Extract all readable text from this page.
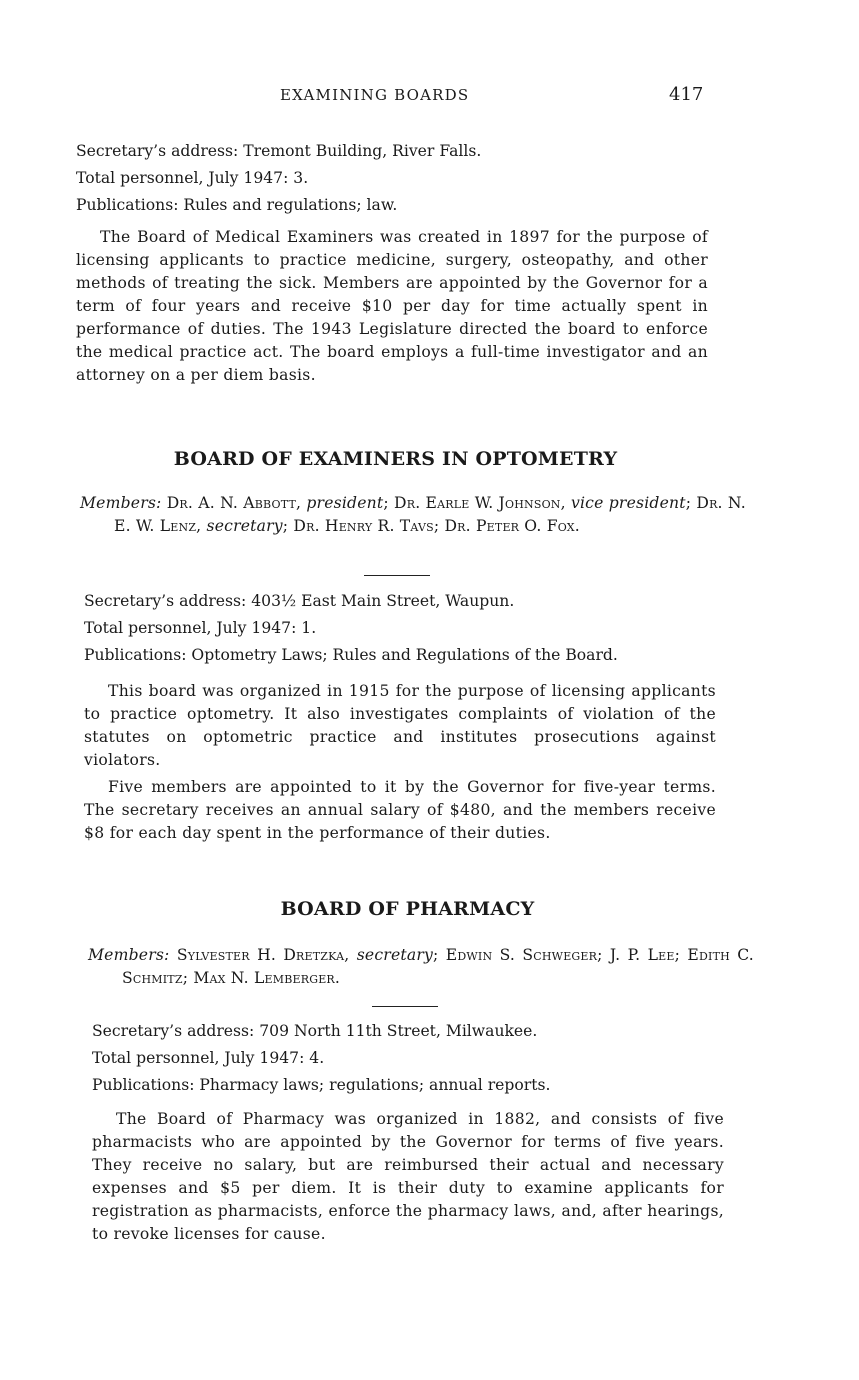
EXAMINING BOARDS	417

Secretary’s address: Tremont Building, River Falls.

Total personnel, July 1947: 3.

Publications: Rules and regulations; law.

The Board of Medical Examiners was created in 1897 for the purpose of licensing applicants to practice medicine, surgery, osteopathy, and other methods of treating the sick. Members are appointed by the Governor for a term of four years and receive $10 per day for time actually spent in performance of duties. The 1943 Legislature directed the board to enforce the medical practice act. The board employs a full-time investigator and an attorney on a per diem basis.

BOARD OF EXAMINERS IN OPTOMETRY
Members: Dr. A. N. Abbott, president; Dr. Earle W. Johnson, vice president; Dr. N. E. W. Lenz, secretary; Dr. Henry R. Tavs; Dr. Peter O. Fox.

Secretary’s address: 403½ East Main Street, Waupun.

Total personnel, July 1947: 1.

Publications: Optometry Laws; Rules and Regulations of the Board.

This board was organized in 1915 for the purpose of licensing applicants to practice optometry. It also investigates complaints of violation of the statutes on optometric practice and institutes prosecutions against violators.

Five members are appointed to it by the Governor for five-year terms. The secretary receives an annual salary of $480, and the members receive $8 for each day spent in the performance of their duties.

BOARD OF PHARMACY
Members: Sylvester H. Dretzka, secretary; Edwin S. Schweger; J. P. Lee; Edith C. Schmitz; Max N. Lemberger.

Secretary’s address: 709 North 11th Street, Milwaukee.

Total personnel, July 1947: 4.

Publications: Pharmacy laws; regulations; annual reports.

The Board of Pharmacy was organized in 1882, and consists of five pharmacists who are appointed by the Governor for terms of five years. They receive no salary, but are reimbursed their actual and necessary expenses and $5 per diem. It is their duty to examine applicants for registration as pharmacists, enforce the pharmacy laws, and, after hearings, to revoke licenses for cause.
